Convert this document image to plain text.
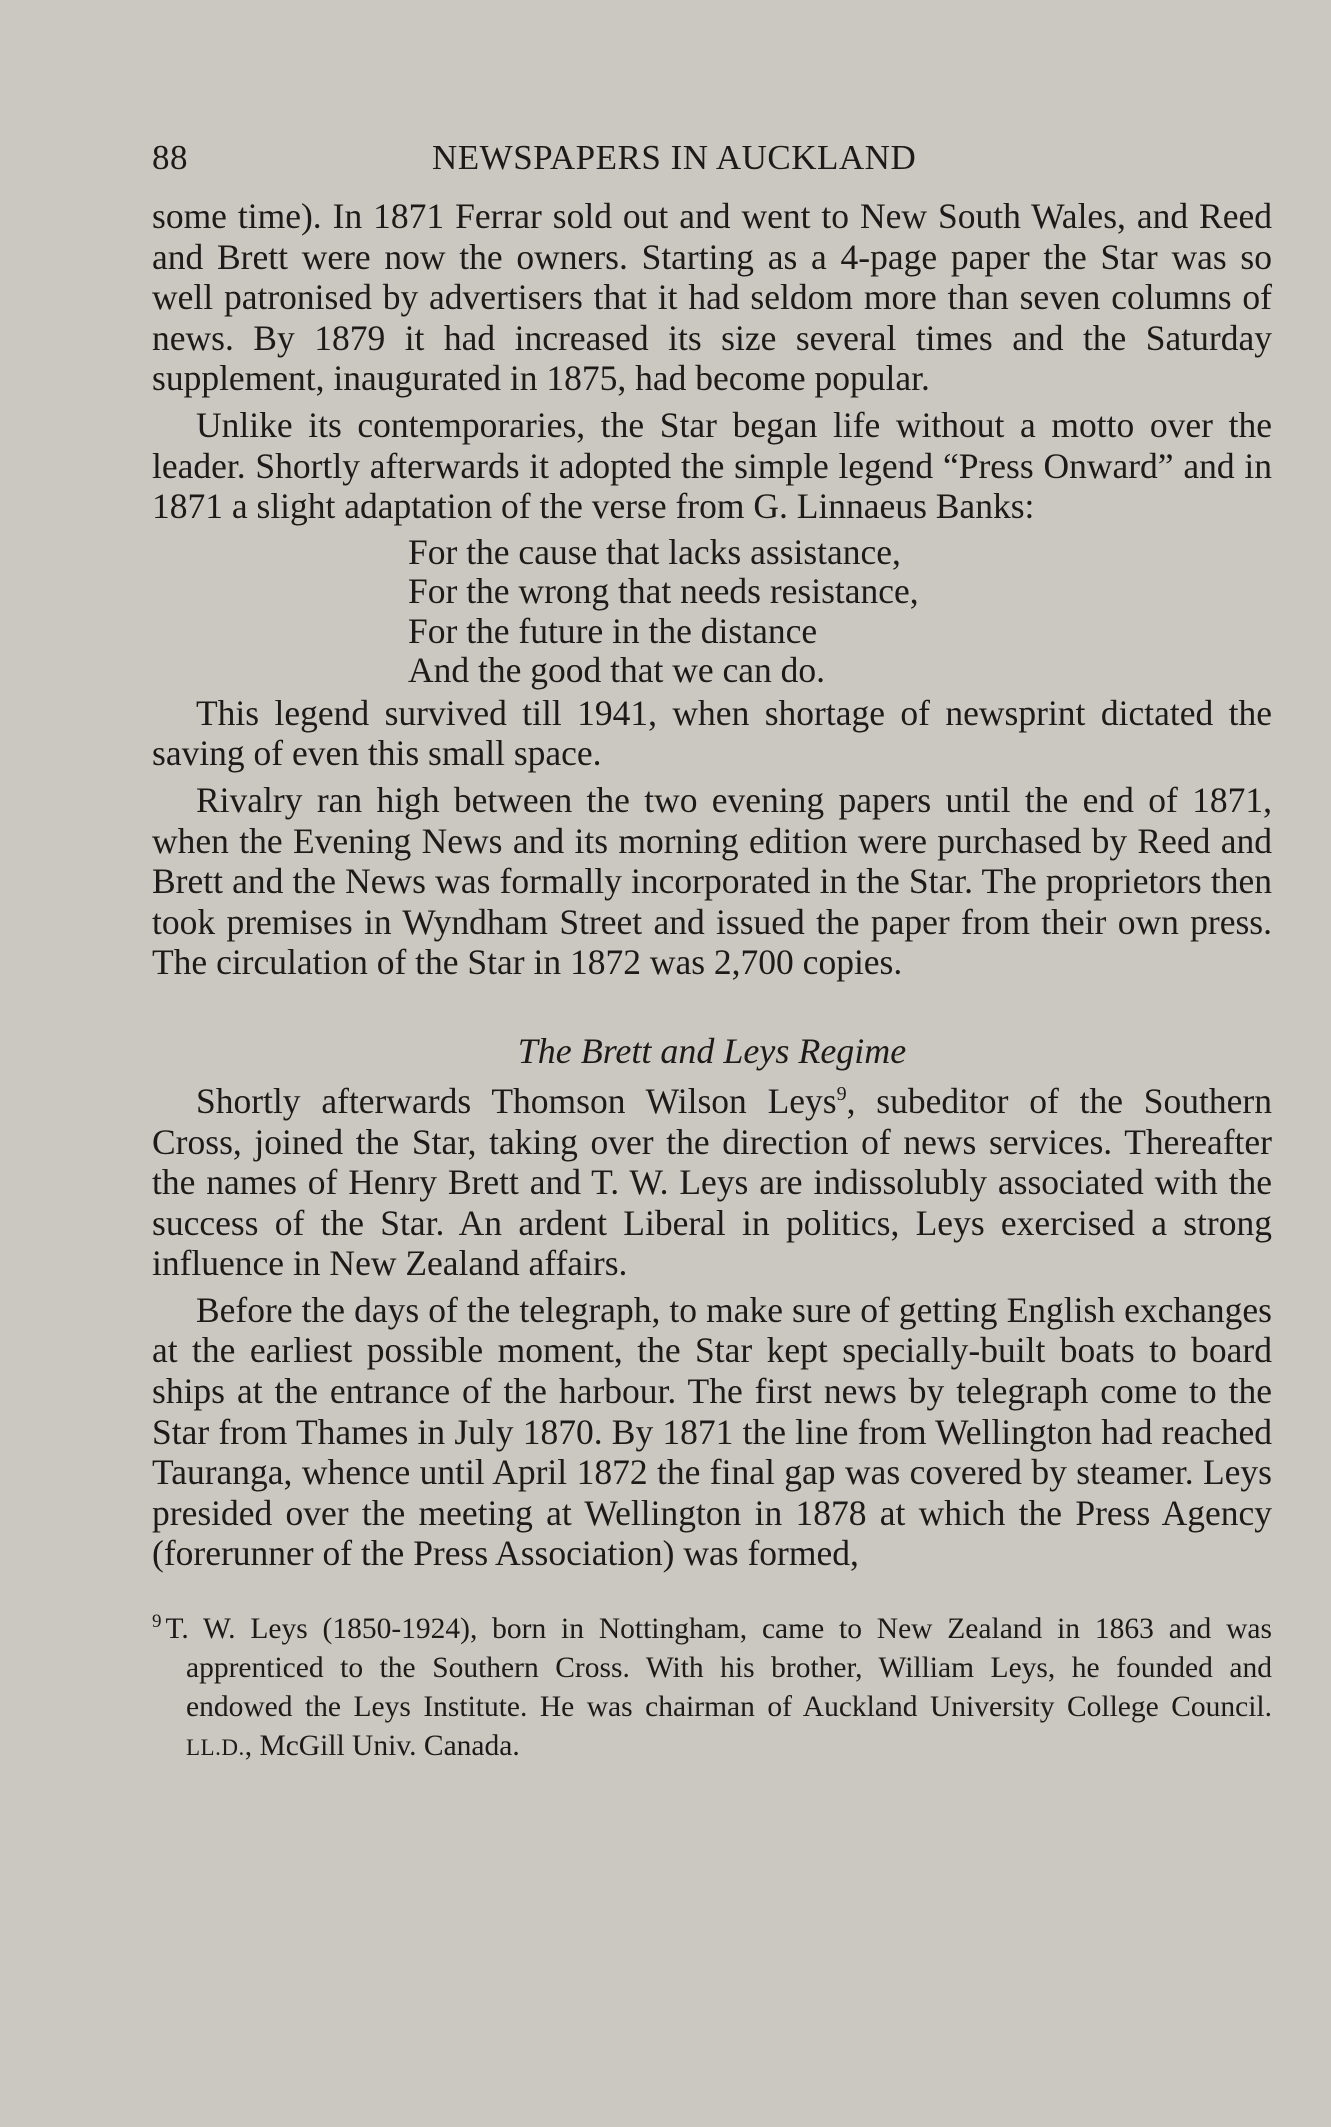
88	NEWSPAPERS IN AUCKLAND

some time). In 1871 Ferrar sold out and went to New South Wales, and Reed and Brett were now the owners. Starting as a 4-page paper the Star was so well patronised by advertisers that it had seldom more than seven columns of news. By 1879 it had increased its size several times and the Saturday supplement, inaugurated in 1875, had become popular.

Unlike its contemporaries, the Star began life without a motto over the leader. Shortly afterwards it adopted the simple legend “Press Onward” and in 1871 a slight adaptation of the verse from G. Linnaeus Banks:

For the cause that lacks assistance,
For the wrong that needs resistance,
For the future in the distance
And the good that we can do.

This legend survived till 1941, when shortage of newsprint dictated the saving of even this small space.

Rivalry ran high between the two evening papers until the end of 1871, when the Evening News and its morning edition were purchased by Reed and Brett and the News was formally incorporated in the Star. The proprietors then took premises in Wyndham Street and issued the paper from their own press. The circulation of the Star in 1872 was 2,700 copies.

The Brett and Leys Regime

Shortly afterwards Thomson Wilson Leys$^9$, subeditor of the Southern Cross, joined the Star, taking over the direction of news services. Thereafter the names of Henry Brett and T. W. Leys are indissolubly associated with the success of the Star. An ardent Liberal in politics, Leys exercised a strong influence in New Zealand affairs.

Before the days of the telegraph, to make sure of getting English exchanges at the earliest possible moment, the Star kept specially-built boats to board ships at the entrance of the harbour. The first news by telegraph come to the Star from Thames in July 1870. By 1871 the line from Wellington had reached Tauranga, whence until April 1872 the final gap was covered by steamer. Leys presided over the meeting at Wellington in 1878 at which the Press Agency (forerunner of the Press Association) was formed,

$^9$ T. W. Leys (1850-1924), born in Nottingham, came to New Zealand in 1863 and was apprenticed to the Southern Cross. With his brother, William Leys, he founded and endowed the Leys Institute. He was chairman of Auckland University College Council. LL.D., McGill Univ. Canada.
